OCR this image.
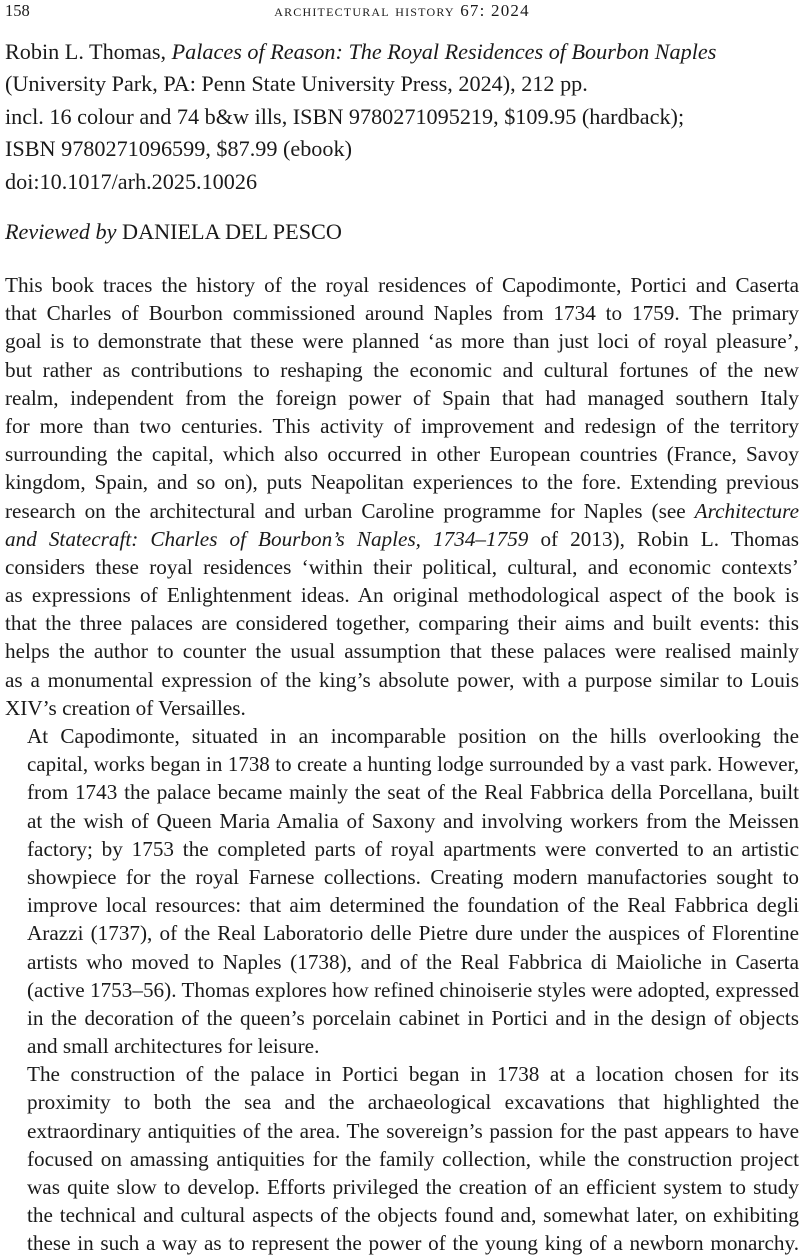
158	architectural history 67: 2024
Robin L. Thomas, Palaces of Reason: The Royal Residences of Bourbon Naples
(University Park, PA: Penn State University Press, 2024), 212 pp.
incl. 16 colour and 74 b&w ills, ISBN 9780271095219, $109.95 (hardback);
ISBN 9780271096599, $87.99 (ebook)
doi:10.1017/arh.2025.10026
Reviewed by DANIELA DEL PESCO

This book traces the history of the royal residences of Capodimonte, Portici and Caserta
that Charles of Bourbon commissioned around Naples from 1734 to 1759. The primary
goal is to demonstrate that these were planned ‘as more than just loci of royal pleasure’,
but rather as contributions to reshaping the economic and cultural fortunes of the new
realm, independent from the foreign power of Spain that had managed southern Italy
for more than two centuries. This activity of improvement and redesign of the territory
surrounding the capital, which also occurred in other European countries (France, Savoy
kingdom, Spain, and so on), puts Neapolitan experiences to the fore. Extending previous
research on the architectural and urban Caroline programme for Naples (see Architecture
and Statecraft: Charles of Bourbon’s Naples, 1734–1759 of 2013), Robin L. Thomas
considers these royal residences ‘within their political, cultural, and economic contexts’
as expressions of Enlightenment ideas. An original methodological aspect of the book is
that the three palaces are considered together, comparing their aims and built events: this
helps the author to counter the usual assumption that these palaces were realised mainly
as a monumental expression of the king’s absolute power, with a purpose similar to Louis
XIV’s creation of Versailles.

At Capodimonte, situated in an incomparable position on the hills overlooking the
capital, works began in 1738 to create a hunting lodge surrounded by a vast park. However,
from 1743 the palace became mainly the seat of the Real Fabbrica della Porcellana, built
at the wish of Queen Maria Amalia of Saxony and involving workers from the Meissen
factory; by 1753 the completed parts of royal apartments were converted to an artistic
showpiece for the royal Farnese collections. Creating modern manufactories sought to
improve local resources: that aim determined the foundation of the Real Fabbrica degli
Arazzi (1737), of the Real Laboratorio delle Pietre dure under the auspices of Florentine
artists who moved to Naples (1738), and of the Real Fabbrica di Maioliche in Caserta
(active 1753–56). Thomas explores how refined chinoiserie styles were adopted, expressed
in the decoration of the queen’s porcelain cabinet in Portici and in the design of objects
and small architectures for leisure.

The construction of the palace in Portici began in 1738 at a location chosen for its
proximity to both the sea and the archaeological excavations that highlighted the
extraordinary antiquities of the area. The sovereign’s passion for the past appears to have
focused on amassing antiquities for the family collection, while the construction project
was quite slow to develop. Efforts privileged the creation of an efficient system to study
the technical and cultural aspects of the objects found and, somewhat later, on exhibiting
these in such a way as to represent the power of the young king of a newborn monarchy.
